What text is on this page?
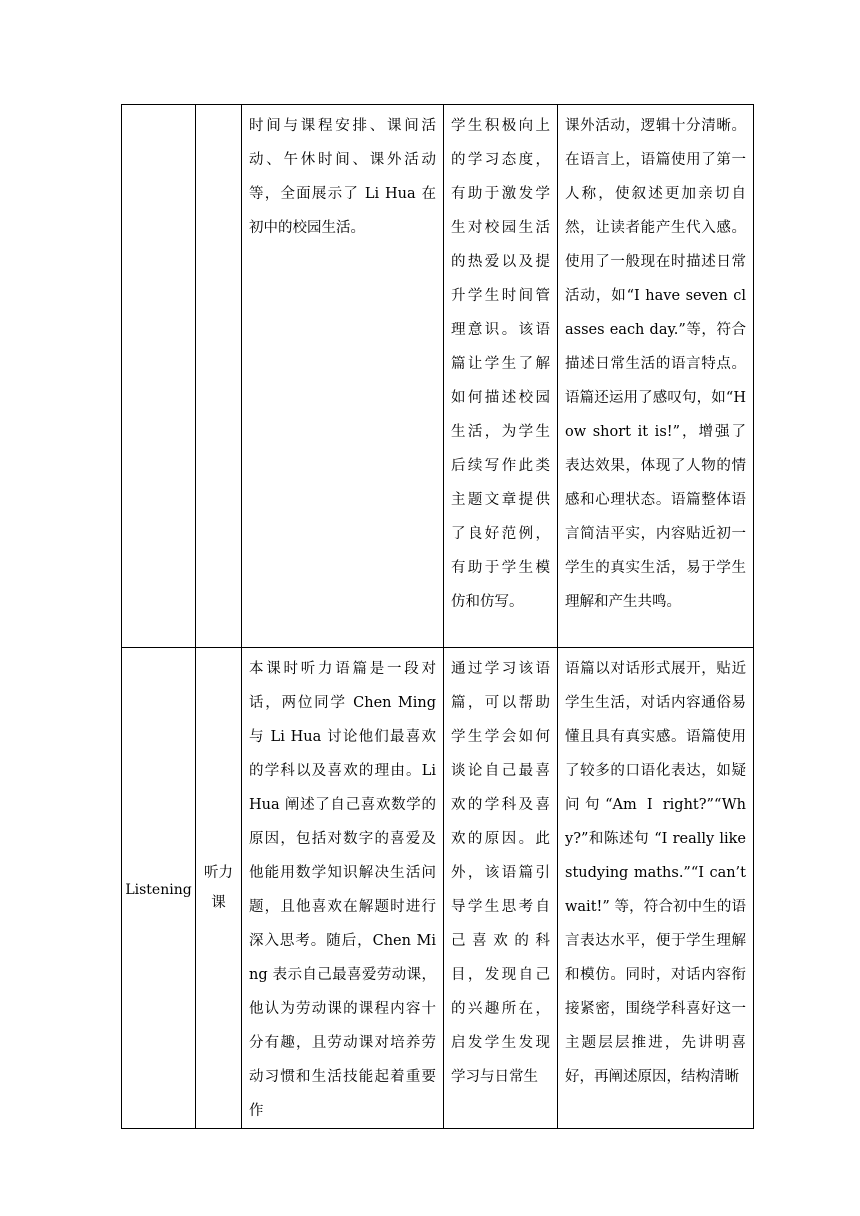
		时间与课程安排、课间活动、午休时间、课外活动等，全面展示了 Li Hua 在初中的校园生活。	学生积极向上的学习态度，有助于激发学生对校园生活的热爱以及提升学生时间管理意识。该语篇让学生了解如何描述校园生活，为学生后续写作此类主题文章提供了良好范例，有助于学生模仿和仿写。	课外活动，逻辑十分清晰。在语言上，语篇使用了第一人称，使叙述更加亲切自然，让读者能产生代入感。使用了一般现在时描述日常活动，如“I have seven classes each day.”等，符合描述日常生活的语言特点。语篇还运用了感叹句，如“How short it is!”，增强了表达效果，体现了人物的情感和心理状态。语篇整体语言简洁平实，内容贴近初一学生的真实生活，易于学生理解和产生共鸣。

Listening	听力课	本课时听力语篇是一段对话，两位同学 Chen Ming 与 Li Hua 讨论他们最喜欢的学科以及喜欢的理由。Li Hua 阐述了自己喜欢数学的原因，包括对数字的喜爱及他能用数学知识解决生活问题，且他喜欢在解题时进行深入思考。随后，Chen Ming 表示自己最喜爱劳动课，他认为劳动课的课程内容十分有趣，且劳动课对培养劳动习惯和生活技能起着重要作	通过学习该语篇，可以帮助学生学会如何谈论自己最喜欢的学科及喜欢的原因。此外，该语篇引导学生思考自己喜欢的科目，发现自己的兴趣所在，启发学生发现学习与日常生	语篇以对话形式展开，贴近学生生活，对话内容通俗易懂且具有真实感。语篇使用了较多的口语化表达，如疑问句“Am I right?”“Why?”和陈述句 “I really like studying maths.”“I can’t wait!” 等，符合初中生的语言表达水平，便于学生理解和模仿。同时，对话内容衔接紧密，围绕学科喜好这一主题层层推进，先讲明喜好，再阐述原因，结构清晰
